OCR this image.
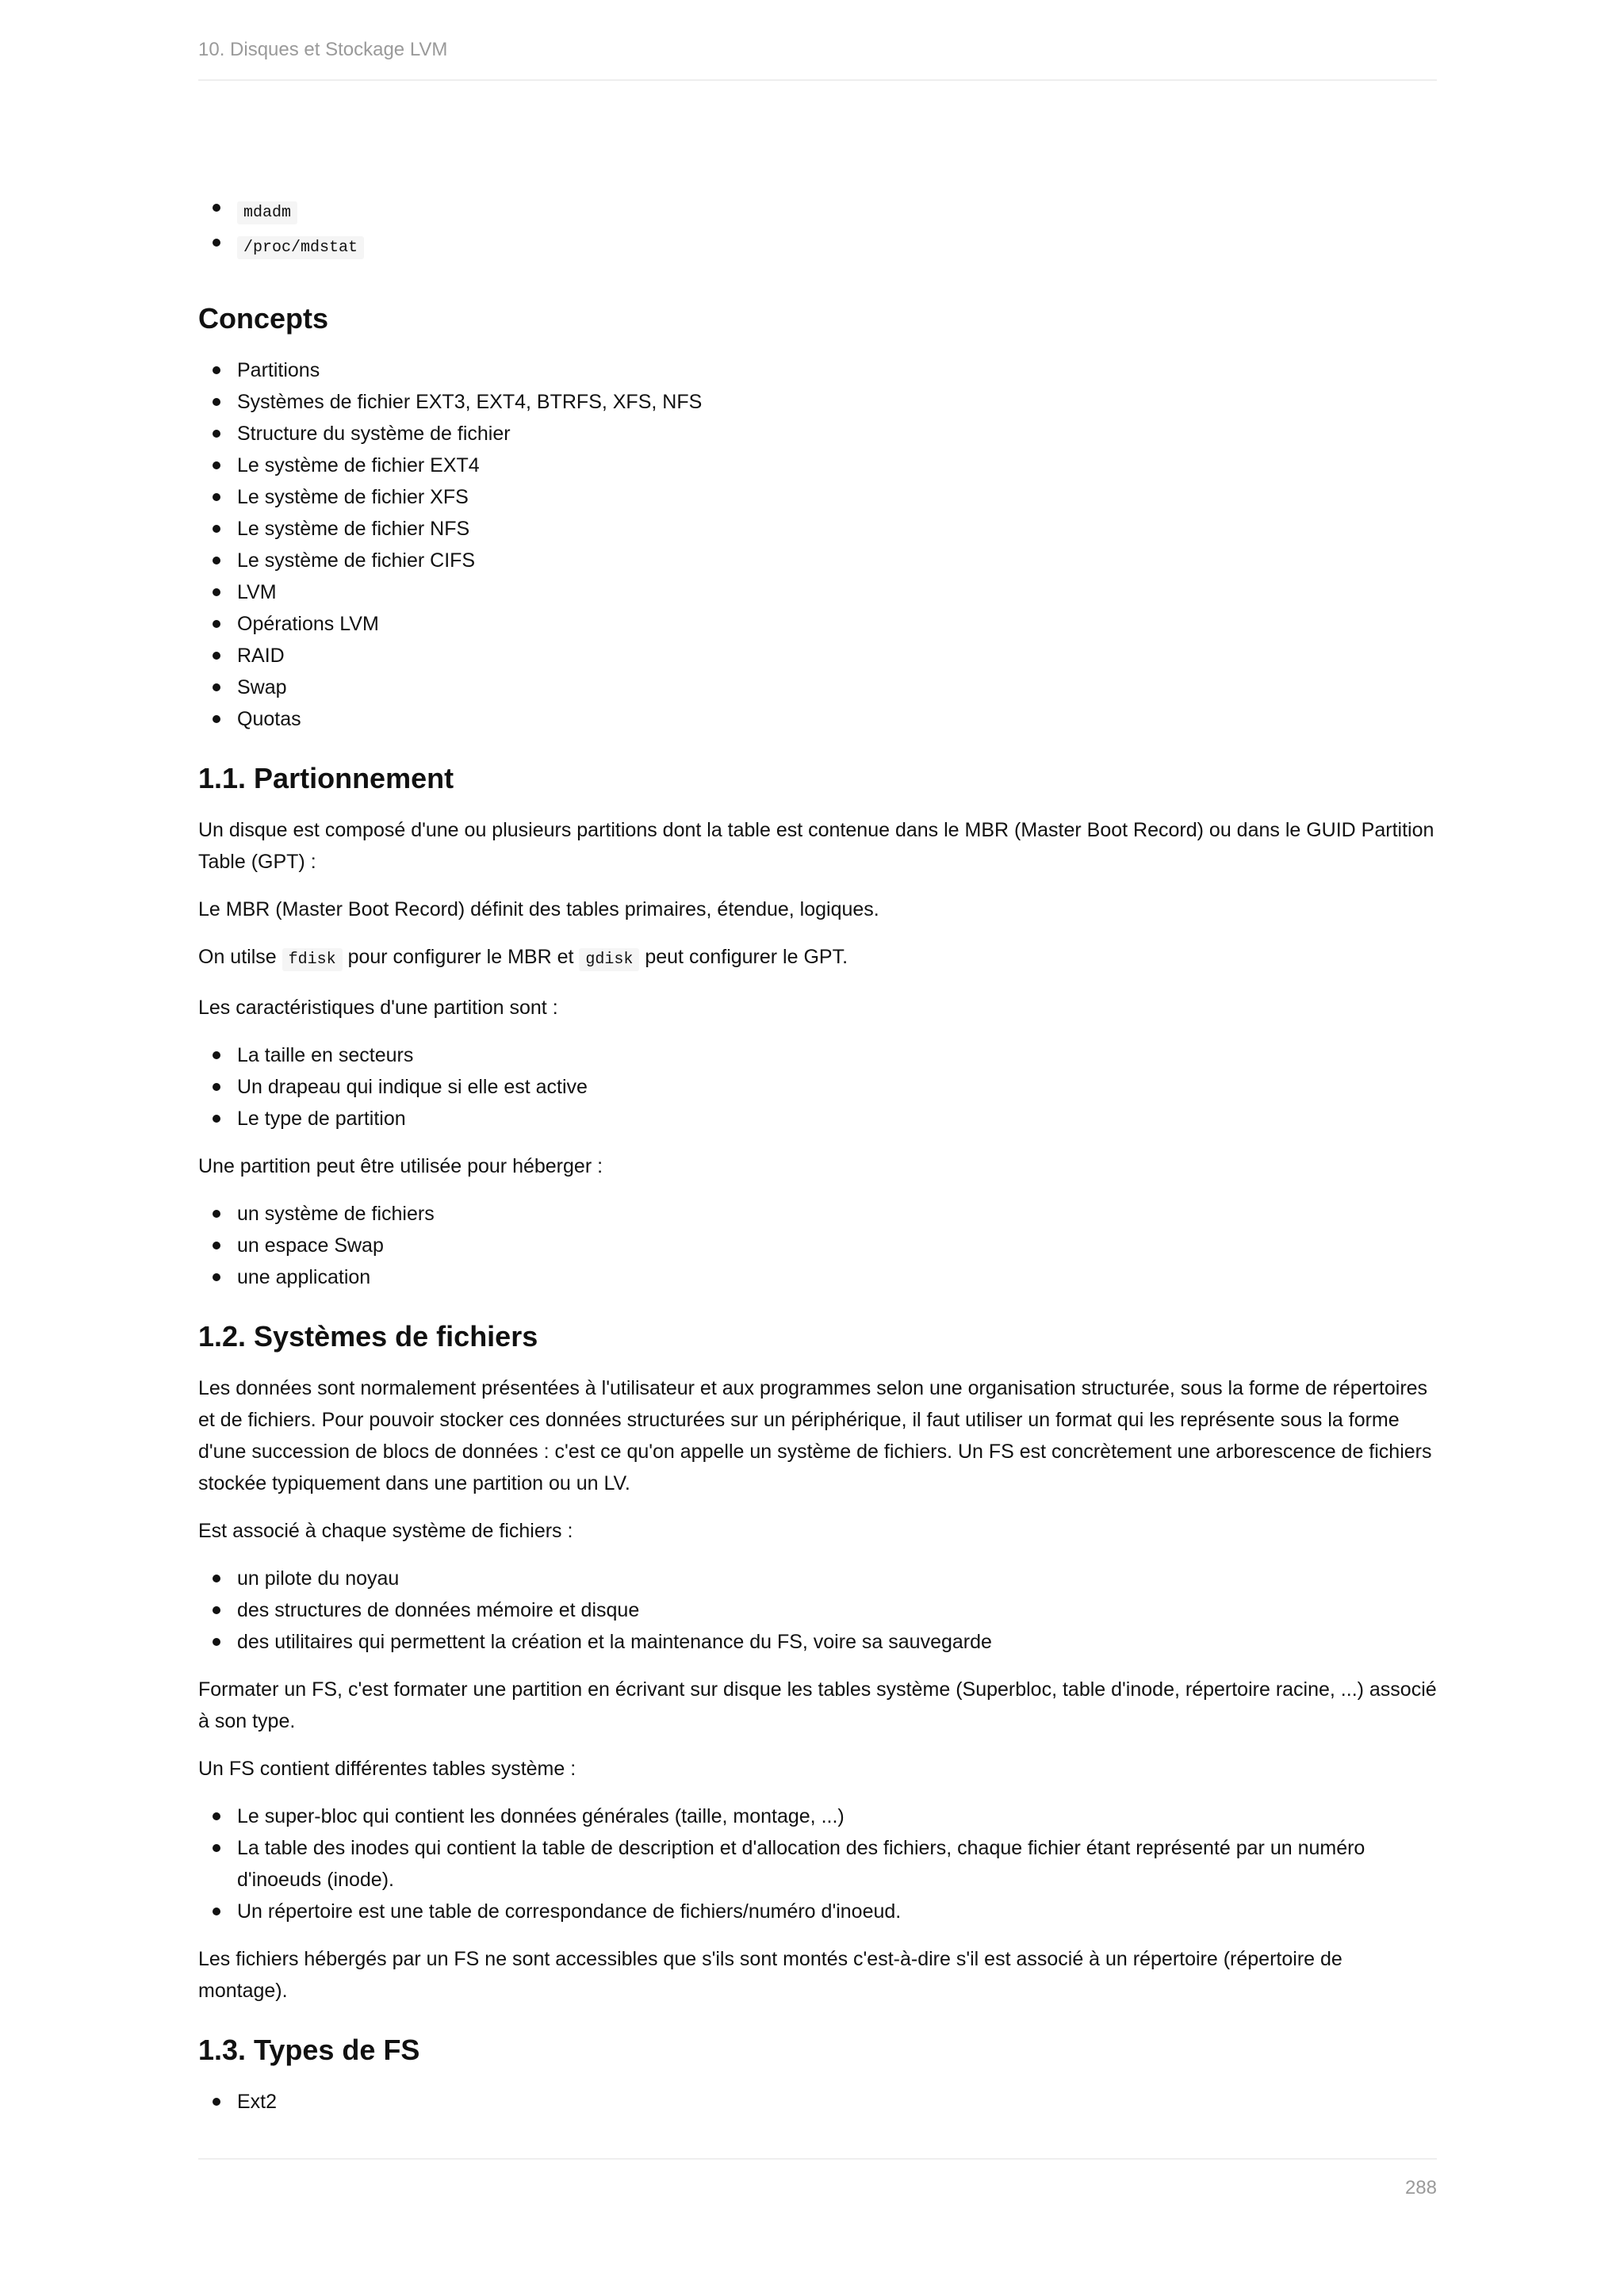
10. Disques et Stockage LVM
mdadm
/proc/mdstat
Concepts
Partitions
Systèmes de fichier EXT3, EXT4, BTRFS, XFS, NFS
Structure du système de fichier
Le système de fichier EXT4
Le système de fichier XFS
Le système de fichier NFS
Le système de fichier CIFS
LVM
Opérations LVM
RAID
Swap
Quotas
1.1. Partionnement

Un disque est composé d'une ou plusieurs partitions dont la table est contenue dans le MBR (Master Boot Record) ou dans le GUID Partition Table (GPT) :

Le MBR (Master Boot Record) définit des tables primaires, étendue, logiques.

On utilse fdisk pour configurer le MBR et gdisk peut configurer le GPT.

Les caractéristiques d'une partition sont :

La taille en secteurs
Un drapeau qui indique si elle est active
Le type de partition

Une partition peut être utilisée pour héberger :

un système de fichiers
un espace Swap
une application
1.2. Systèmes de fichiers

Les données sont normalement présentées à l'utilisateur et aux programmes selon une organisation structurée, sous la forme de répertoires et de fichiers. Pour pouvoir stocker ces données structurées sur un périphérique, il faut utiliser un format qui les représente sous la forme d'une succession de blocs de données : c'est ce qu'on appelle un système de fichiers. Un FS est concrètement une arborescence de fichiers stockée typiquement dans une partition ou un LV.

Est associé à chaque système de fichiers :

un pilote du noyau
des structures de données mémoire et disque
des utilitaires qui permettent la création et la maintenance du FS, voire sa sauvegarde

Formater un FS, c'est formater une partition en écrivant sur disque les tables système (Superbloc, table d'inode, répertoire racine, ...) associé à son type.

Un FS contient différentes tables système :

Le super-bloc qui contient les données générales (taille, montage, ...)
La table des inodes qui contient la table de description et d'allocation des fichiers, chaque fichier étant représenté par un numéro d'inoeuds (inode).
Un répertoire est une table de correspondance de fichiers/numéro d'inoeud.

Les fichiers hébergés par un FS ne sont accessibles que s'ils sont montés c'est-à-dire s'il est associé à un répertoire (répertoire de montage).

1.3. Types de FS
Ext2
288
